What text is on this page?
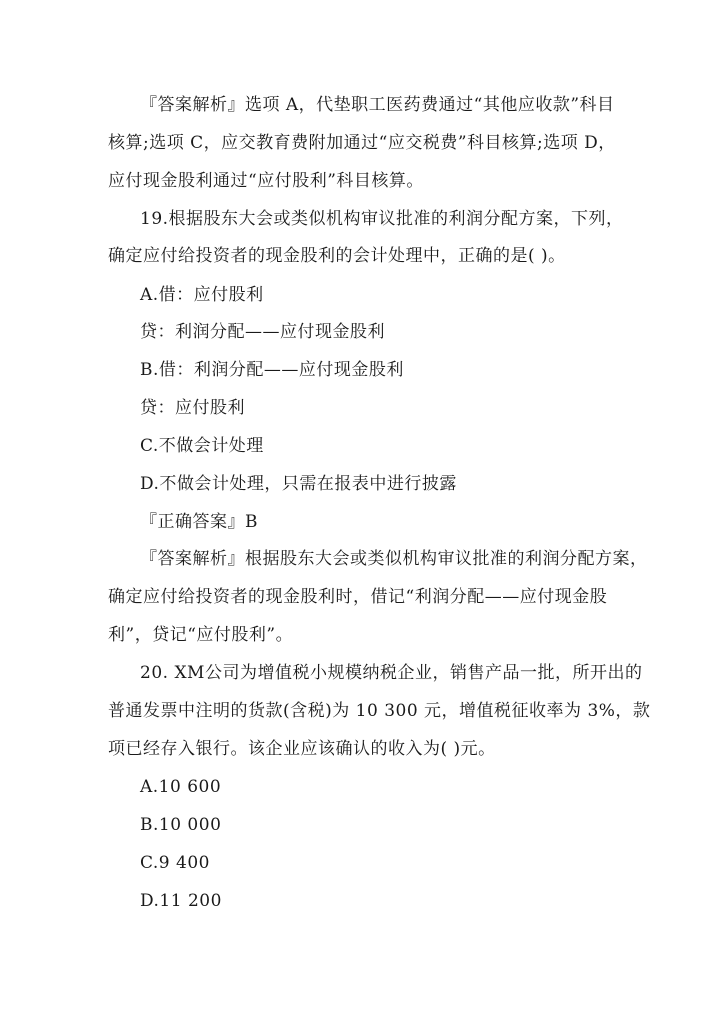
『答案解析』选项 A，代垫职工医药费通过“其他应收款”科目
核算;选项 C，应交教育费附加通过“应交税费”科目核算;选项 D，
应付现金股利通过“应付股利”科目核算。
19.根据股东大会或类似机构审议批准的利润分配方案，下列，
确定应付给投资者的现金股利的会计处理中，正确的是( )。
A.借：应付股利
贷：利润分配——应付现金股利
B.借：利润分配——应付现金股利
贷：应付股利
C.不做会计处理
D.不做会计处理，只需在报表中进行披露
『正确答案』B
『答案解析』根据股东大会或类似机构审议批准的利润分配方案，
确定应付给投资者的现金股利时，借记“利润分配——应付现金股
利”，贷记“应付股利”。
20. XM公司为增值税小规模纳税企业，销售产品一批，所开出的
普通发票中注明的货款(含税)为 10 300 元，增值税征收率为 3%，款
项已经存入银行。该企业应该确认的收入为( )元。
A.10 600
B.10 000
C.9 400
D.11 200
